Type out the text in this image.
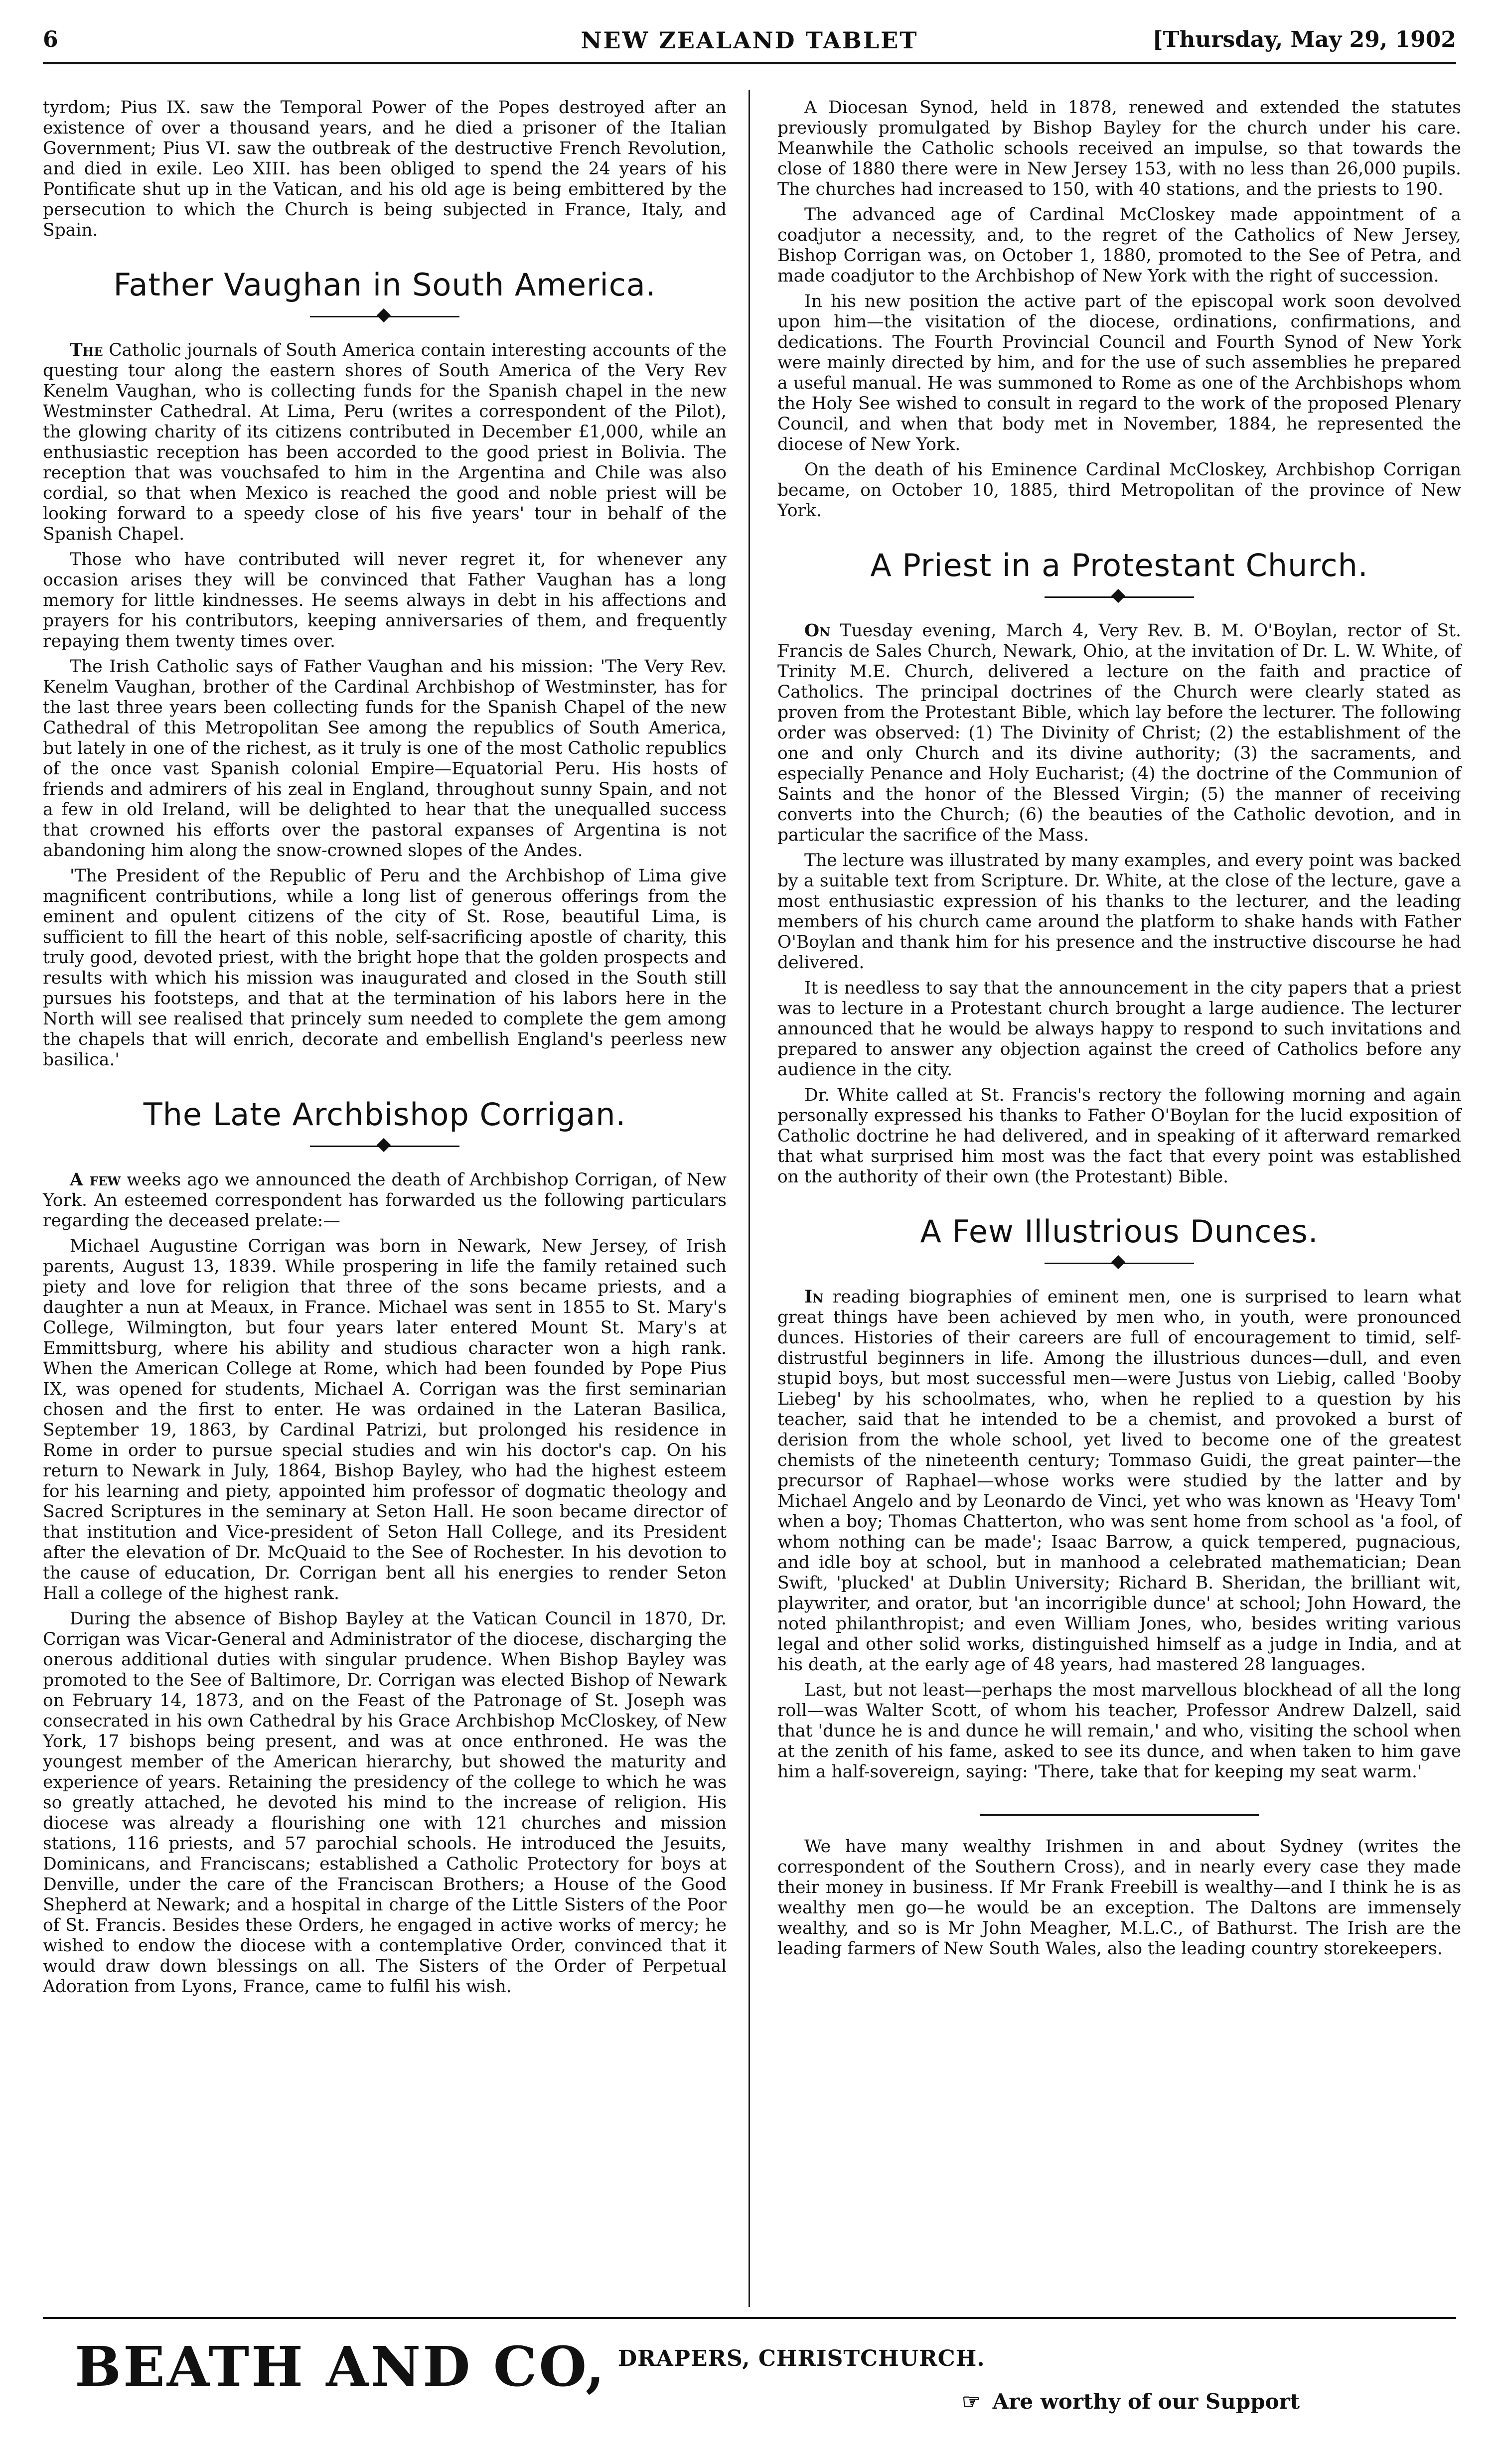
6	NEW ZEALAND TABLET	[Thursday, May 29, 1902

tyrdom; Pius IX. saw the Temporal Power of the Popes destroyed after an existence of over a thousand years, and he died a prisoner of the Italian Government; Pius VI. saw the outbreak of the destructive French Revolution, and died in exile. Leo XIII. has been obliged to spend the 24 years of his Pontificate shut up in the Vatican, and his old age is being embittered by the persecution to which the Church is being subjected in France, Italy, and Spain.

Father Vaughan in South America.

The Catholic journals of South America contain interesting accounts of the questing tour along the eastern shores of South America of the Very Rev Kenelm Vaughan, who is collecting funds for the Spanish chapel in the new Westminster Cathedral. At Lima, Peru (writes a correspondent of the Pilot), the glowing charity of its citizens contributed in December £1,000, while an enthusiastic reception has been accorded to the good priest in Bolivia. The reception that was vouchsafed to him in the Argentina and Chile was also cordial, so that when Mexico is reached the good and noble priest will be looking forward to a speedy close of his five years' tour in behalf of the Spanish Chapel.

Those who have contributed will never regret it, for whenever any occasion arises they will be convinced that Father Vaughan has a long memory for little kindnesses. He seems always in debt in his affections and prayers for his contributors, keeping anniversaries of them, and frequently repaying them twenty times over.

The Irish Catholic says of Father Vaughan and his mission: 'The Very Rev. Kenelm Vaughan, brother of the Cardinal Archbishop of Westminster, has for the last three years been collecting funds for the Spanish Chapel of the new Cathedral of this Metropolitan See among the republics of South America, but lately in one of the richest, as it truly is one of the most Catholic republics of the once vast Spanish colonial Empire—Equatorial Peru. His hosts of friends and admirers of his zeal in England, throughout sunny Spain, and not a few in old Ireland, will be delighted to hear that the unequalled success that crowned his efforts over the pastoral expanses of Argentina is not abandoning him along the snow-crowned slopes of the Andes.

'The President of the Republic of Peru and the Archbishop of Lima give magnificent contributions, while a long list of generous offerings from the eminent and opulent citizens of the city of St. Rose, beautiful Lima, is sufficient to fill the heart of this noble, self-sacrificing apostle of charity, this truly good, devoted priest, with the bright hope that the golden prospects and results with which his mission was inaugurated and closed in the South still pursues his footsteps, and that at the termination of his labors here in the North will see realised that princely sum needed to complete the gem among the chapels that will enrich, decorate and embellish England's peerless new basilica.'

The Late Archbishop Corrigan.

A few weeks ago we announced the death of Archbishop Corrigan, of New York. An esteemed correspondent has forwarded us the following particulars regarding the deceased prelate:—

Michael Augustine Corrigan was born in Newark, New Jersey, of Irish parents, August 13, 1839. While prospering in life the family retained such piety and love for religion that three of the sons became priests, and a daughter a nun at Meaux, in France. Michael was sent in 1855 to St. Mary's College, Wilmington, but four years later entered Mount St. Mary's at Emmittsburg, where his ability and studious character won a high rank. When the American College at Rome, which had been founded by Pope Pius IX, was opened for students, Michael A. Corrigan was the first seminarian chosen and the first to enter. He was ordained in the Lateran Basilica, September 19, 1863, by Cardinal Patrizi, but prolonged his residence in Rome in order to pursue special studies and win his doctor's cap. On his return to Newark in July, 1864, Bishop Bayley, who had the highest esteem for his learning and piety, appointed him professor of dogmatic theology and Sacred Scriptures in the seminary at Seton Hall. He soon became director of that institution and Vice-president of Seton Hall College, and its President after the elevation of Dr. McQuaid to the See of Rochester. In his devotion to the cause of education, Dr. Corrigan bent all his energies to render Seton Hall a college of the highest rank.

During the absence of Bishop Bayley at the Vatican Council in 1870, Dr. Corrigan was Vicar-General and Administrator of the diocese, discharging the onerous additional duties with singular prudence. When Bishop Bayley was promoted to the See of Baltimore, Dr. Corrigan was elected Bishop of Newark on February 14, 1873, and on the Feast of the Patronage of St. Joseph was consecrated in his own Cathedral by his Grace Archbishop McCloskey, of New York, 17 bishops being present, and was at once enthroned. He was the youngest member of the American hierarchy, but showed the maturity and experience of years. Retaining the presidency of the college to which he was so greatly attached, he devoted his mind to the increase of religion. His diocese was already a flourishing one with 121 churches and mission stations, 116 priests, and 57 parochial schools. He introduced the Jesuits, Dominicans, and Franciscans; established a Catholic Protectory for boys at Denville, under the care of the Franciscan Brothers; a House of the Good Shepherd at Newark; and a hospital in charge of the Little Sisters of the Poor of St. Francis. Besides these Orders, he engaged in active works of mercy; he wished to endow the diocese with a contemplative Order, convinced that it would draw down blessings on all. The Sisters of the Order of Perpetual Adoration from Lyons, France, came to fulfil his wish.

A Diocesan Synod, held in 1878, renewed and extended the statutes previously promulgated by Bishop Bayley for the church under his care. Meanwhile the Catholic schools received an impulse, so that towards the close of 1880 there were in New Jersey 153, with no less than 26,000 pupils. The churches had increased to 150, with 40 stations, and the priests to 190.

The advanced age of Cardinal McCloskey made appointment of a coadjutor a necessity, and, to the regret of the Catholics of New Jersey, Bishop Corrigan was, on October 1, 1880, promoted to the See of Petra, and made coadjutor to the Archbishop of New York with the right of succession.

In his new position the active part of the episcopal work soon devolved upon him—the visitation of the diocese, ordinations, confirmations, and dedications. The Fourth Provincial Council and Fourth Synod of New York were mainly directed by him, and for the use of such assemblies he prepared a useful manual. He was summoned to Rome as one of the Archbishops whom the Holy See wished to consult in regard to the work of the proposed Plenary Council, and when that body met in November, 1884, he represented the diocese of New York.

On the death of his Eminence Cardinal McCloskey, Archbishop Corrigan became, on October 10, 1885, third Metropolitan of the province of New York.

A Priest in a Protestant Church.

On Tuesday evening, March 4, Very Rev. B. M. O'Boylan, rector of St. Francis de Sales Church, Newark, Ohio, at the invitation of Dr. L. W. White, of Trinity M.E. Church, delivered a lecture on the faith and practice of Catholics. The principal doctrines of the Church were clearly stated as proven from the Protestant Bible, which lay before the lecturer. The following order was observed: (1) The Divinity of Christ; (2) the establishment of the one and only Church and its divine authority; (3) the sacraments, and especially Penance and Holy Eucharist; (4) the doctrine of the Communion of Saints and the honor of the Blessed Virgin; (5) the manner of receiving converts into the Church; (6) the beauties of the Catholic devotion, and in particular the sacrifice of the Mass.

The lecture was illustrated by many examples, and every point was backed by a suitable text from Scripture. Dr. White, at the close of the lecture, gave a most enthusiastic expression of his thanks to the lecturer, and the leading members of his church came around the platform to shake hands with Father O'Boylan and thank him for his presence and the instructive discourse he had delivered.

It is needless to say that the announcement in the city papers that a priest was to lecture in a Protestant church brought a large audience. The lecturer announced that he would be always happy to respond to such invitations and prepared to answer any objection against the creed of Catholics before any audience in the city.

Dr. White called at St. Francis's rectory the following morning and again personally expressed his thanks to Father O'Boylan for the lucid exposition of Catholic doctrine he had delivered, and in speaking of it afterward remarked that what surprised him most was the fact that every point was established on the authority of their own (the Protestant) Bible.

A Few Illustrious Dunces.

In reading biographies of eminent men, one is surprised to learn what great things have been achieved by men who, in youth, were pronounced dunces. Histories of their careers are full of encouragement to timid, self-distrustful beginners in life. Among the illustrious dunces—dull, and even stupid boys, but most successful men—were Justus von Liebig, called 'Booby Liebeg' by his schoolmates, who, when he replied to a question by his teacher, said that he intended to be a chemist, and provoked a burst of derision from the whole school, yet lived to become one of the greatest chemists of the nineteenth century; Tommaso Guidi, the great painter—the precursor of Raphael—whose works were studied by the latter and by Michael Angelo and by Leonardo de Vinci, yet who was known as 'Heavy Tom' when a boy; Thomas Chatterton, who was sent home from school as 'a fool, of whom nothing can be made'; Isaac Barrow, a quick tempered, pugnacious, and idle boy at school, but in manhood a celebrated mathematician; Dean Swift, 'plucked' at Dublin University; Richard B. Sheridan, the brilliant wit, playwriter, and orator, but 'an incorrigible dunce' at school; John Howard, the noted philanthropist; and even William Jones, who, besides writing various legal and other solid works, distinguished himself as a judge in India, and at his death, at the early age of 48 years, had mastered 28 languages.

Last, but not least—perhaps the most marvellous blockhead of all the long roll—was Walter Scott, of whom his teacher, Professor Andrew Dalzell, said that 'dunce he is and dunce he will remain,' and who, visiting the school when at the zenith of his fame, asked to see its dunce, and when taken to him gave him a half-sovereign, saying: 'There, take that for keeping my seat warm.'

We have many wealthy Irishmen in and about Sydney (writes the correspondent of the Southern Cross), and in nearly every case they made their money in business. If Mr Frank Freebill is wealthy—and I think he is as wealthy men go—he would be an exception. The Daltons are immensely wealthy, and so is Mr John Meagher, M.L.C., of Bathurst. The Irish are the leading farmers of New South Wales, also the leading country storekeepers.

BEATH AND CO, DRAPERS, CHRISTCHURCH.
☞ Are worthy of our Support
